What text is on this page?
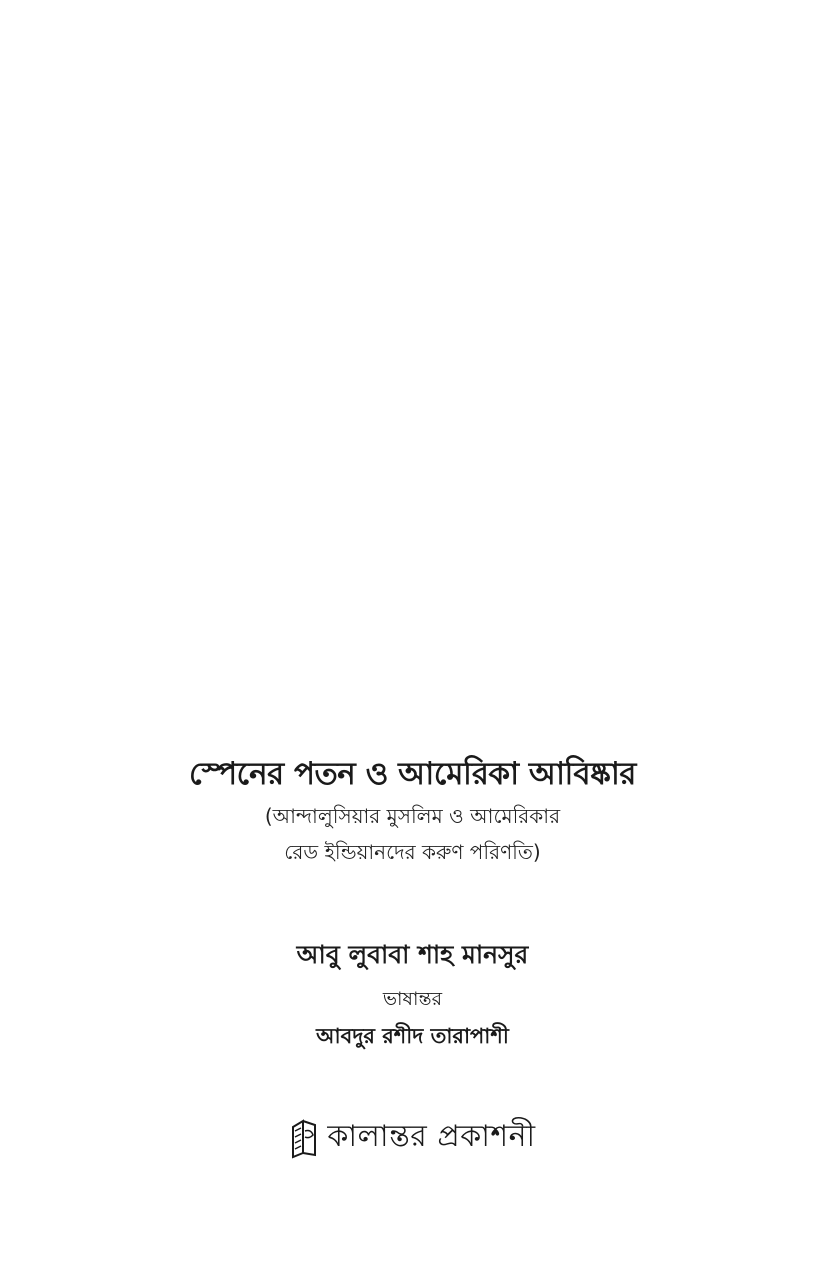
স্পেনের পতন ও আমেরিকা আবিষ্কার
(আন্দালুসিয়ার মুসলিম ও আমেরিকার
রেড ইন্ডিয়ানদের করুণ পরিণতি)
আবু লুবাবা শাহ মানসুর
ভাষান্তর
আবদুর রশীদ তারাপাশী
কালান্তর প্রকাশনী
